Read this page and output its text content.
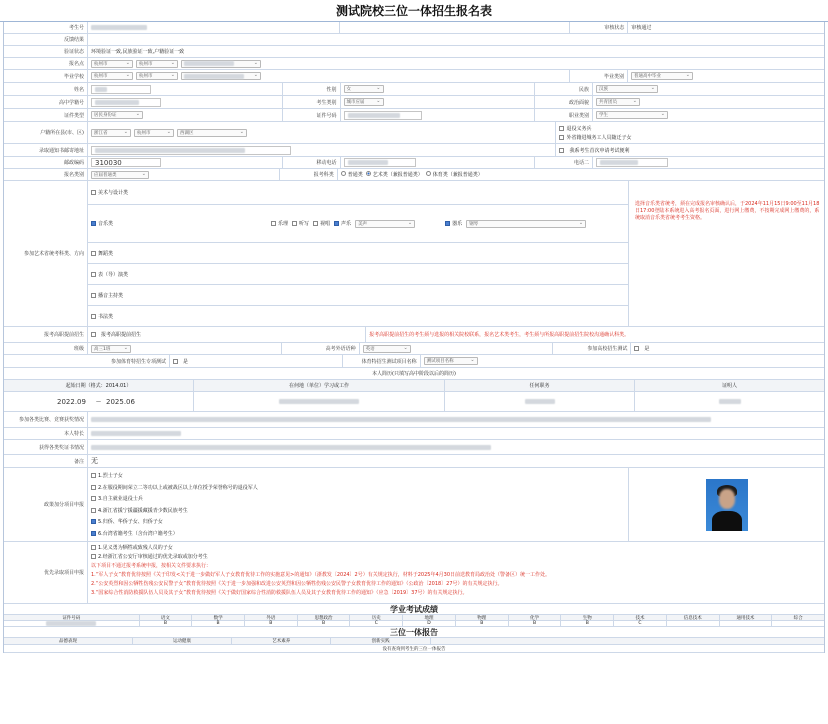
测试院校三位一体招生报名表
考生号	审核状态	审核通过
反馈结果
验证状态	环境验证一致,民族验证一致,户籍验证一致
报名点	杭州市 ⌄	杭州市 ⌄
⌄
毕业学校	杭州市 ⌄	杭州市 ⌄
⌄	毕业类别	普通高中毕业 ⌄
姓名	性别	女 ⌄	民族	汉族 ⌄
高中学籍号	考生类别	城市应届 ⌄	政治面貌	共青团员 ⌄
证件类型	居民身份证 ⌄	证件号码	职业类别	学生 ⌄
户籍所在县(市、区)	浙江省 ⌄	杭州市 ⌄	西湖区 ⌄
退役义务兵
外省籍进城务工人员随迁子女
录取通知书邮寄地址	我系考生首次申请考试便利
邮政编码	310030	移动电话	电话二
报名类别	应届普通类 ⌄	报考科类	普通类	艺术类（兼报普通类）	体育类（兼报普通类）
参加艺术省统考科类、方向
美术与设计类
音乐类	乐理	听写	视唱	声乐	美声 ⌄	器乐	钢琴 ⌄
舞蹈类
表（导）演类
播音主持类
书法类
选择音乐类省统考，须在完成报名审核确认后，于2024年11月15日9:00至11月18日17:00登陆本系统进入高考报名页面，进行网上缴费，不按期完成网上缴费的，系统取消音乐类省统考考生资格。
报考高职提前招生	报考高职提前招生	报考高职提前招生的考生须与选报的相关院校联系，报名艺术类考生，考生须与所报高职提前招生院校沟通确认科类。
班级	高三1班 ⌄	高考外语语种	英语 ⌄	参加高校招生测试	是
参加体育特招生专项测试	是	体育特招生测试项目名称	测试项目名称 ⌄
本人简历(只填写高中阶段以后的简历)
起始日期（格式：2014.01）	在何地（单位）学习或工作	任何职务	证明人
2022.09	— 2025.06
参加各类比赛、竞赛获奖情况
本人特长
获得各类奖证书情况
备注	无
政策加分项目申报
1.烈士子女
2.在服役期间荣立二等功以上或被战区以上单位授予荣誉称号的退役军人
3.自主就业退役士兵
4.浙江省援宁援疆援藏援青少数民族考生
5.归侨、华侨子女、归侨子女
6.台湾省籍考生（含台湾户籍考生）
优先录取项目申报
1.见义勇为牺牲或致残人员的子女
2.经浙江省公安厅审核通过的优先录取或加分考生
以下项目不通过报考系统申报，按相关文件要求执行：
1.“军人子女”教育优待按照《关于印发<关于进一步做好军人子女教育优待工作的实施意见>的通知》（浙教发〔2024〕2号）有关规定执行，材料于2025年4月30日前送教育局政治处（警备区）统一工作处。
2.“公安英烈和因公牺牲伤残公安民警子女”教育优待按照《关于进一步加强和改进公安英烈和因公牺牲伤残公安民警子女教育优待工作的通知》（公政治〔2018〕27号）的有关规定执行。
3.“国家综合性消防救援队伍人员及其子女”教育优待按照《关于做好国家综合性消防救援队伍人员及其子女教育优待工作的通知》（应急〔2019〕37号）的有关规定执行。
学业考试成绩
证件号码	语文	数学	外语	思想政治	历史	地理	物理	化学	生物	技术	信息技术	通用技术	综合
B	B	B	B	C	D	B	B	B	C
三位一体报告
品德表现	运动健康	艺术素养	创新实践
没有查询到考生的三位一体报告
